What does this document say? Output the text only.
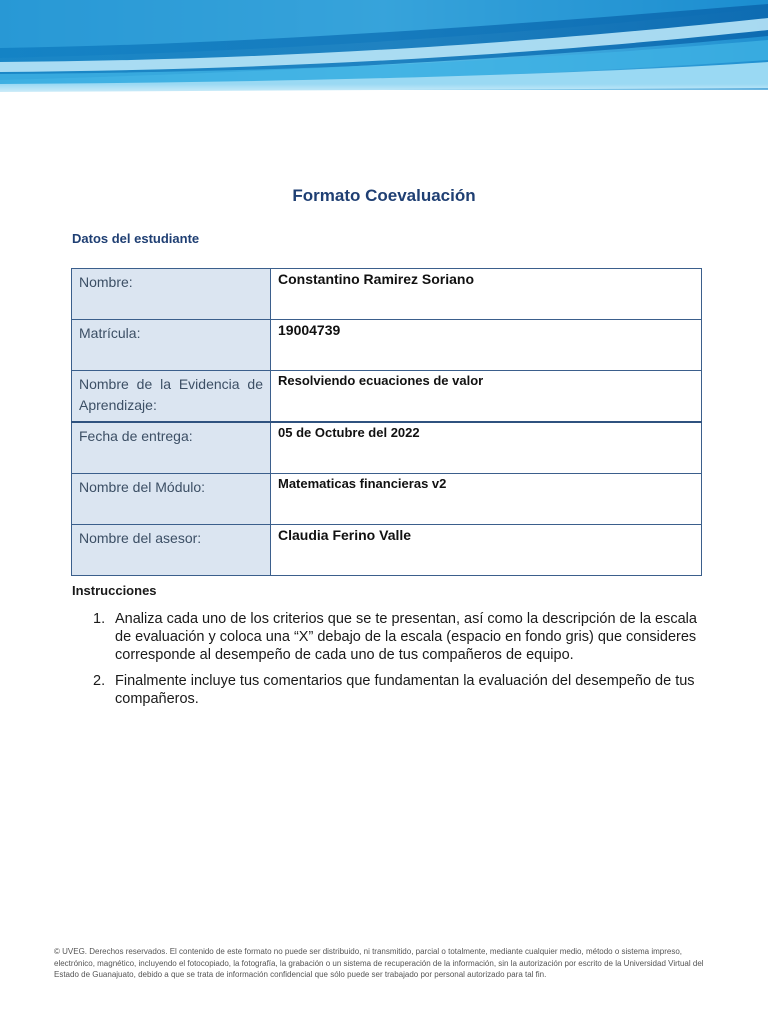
Formato Coevaluación
Datos del estudiante
Nombre:	Constantino Ramirez Soriano
Matrícula:	19004739
Nombre de la Evidencia de Aprendizaje:	Resolviendo ecuaciones de valor
Fecha de entrega:	05 de Octubre del 2022
Nombre del Módulo:	Matematicas financieras v2
Nombre del asesor:	Claudia Ferino Valle
Instrucciones
1. Analiza cada uno de los criterios que se te presentan, así como la descripción de la escala de evaluación y coloca una “X” debajo de la escala (espacio en fondo gris) que consideres corresponde al desempeño de cada uno de tus compañeros de equipo.
2. Finalmente incluye tus comentarios que fundamentan la evaluación del desempeño de tus compañeros.
© UVEG. Derechos reservados. El contenido de este formato no puede ser distribuido, ni transmitido, parcial o totalmente, mediante cualquier medio, método o sistema impreso, electrónico, magnético, incluyendo el fotocopiado, la fotografía, la grabación o un sistema de recuperación de la información, sin la autorización por escrito de la Universidad Virtual del Estado de Guanajuato, debido a que se trata de información confidencial que sólo puede ser trabajado por personal autorizado para tal fin.
